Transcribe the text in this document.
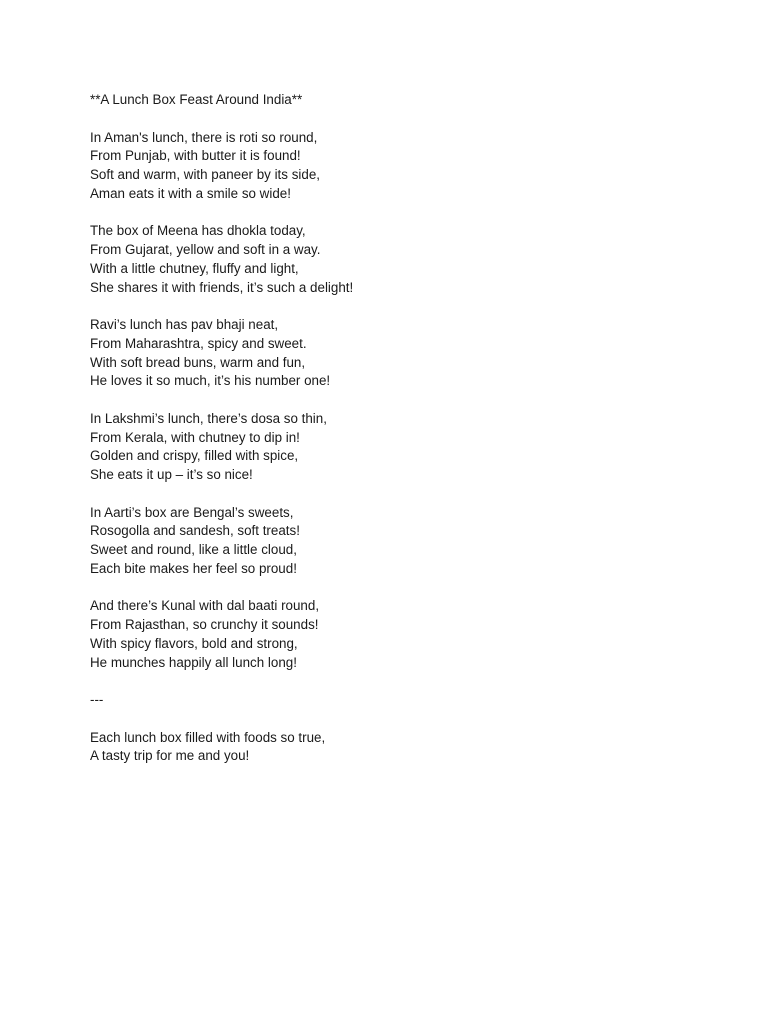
**A Lunch Box Feast Around India**
In Aman's lunch, there is roti so round,
From Punjab, with butter it is found!
Soft and warm, with paneer by its side,
Aman eats it with a smile so wide!
The box of Meena has dhokla today,
From Gujarat, yellow and soft in a way.
With a little chutney, fluffy and light,
She shares it with friends, it’s such a delight!
Ravi’s lunch has pav bhaji neat,
From Maharashtra, spicy and sweet.
With soft bread buns, warm and fun,
He loves it so much, it’s his number one!
In Lakshmi’s lunch, there’s dosa so thin,
From Kerala, with chutney to dip in!
Golden and crispy, filled with spice,
She eats it up – it’s so nice!
In Aarti’s box are Bengal’s sweets,
Rosogolla and sandesh, soft treats!
Sweet and round, like a little cloud,
Each bite makes her feel so proud!
And there’s Kunal with dal baati round,
From Rajasthan, so crunchy it sounds!
With spicy flavors, bold and strong,
He munches happily all lunch long!
---
Each lunch box filled with foods so true,
A tasty trip for me and you!
